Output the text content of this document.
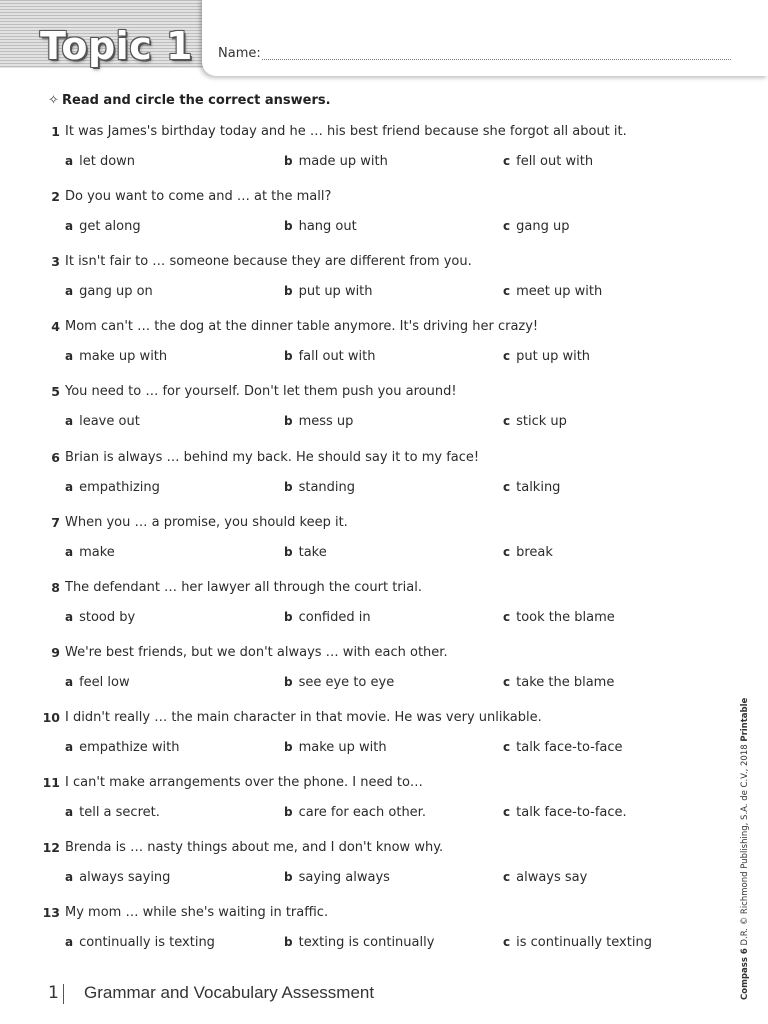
Topic 1 Name:
✧ Read and circle the correct answers.
1 It was James's birthday today and he … his best friend because she forgot all about it.
a let down	b made up with	c fell out with
2 Do you want to come and … at the mall?
a get along	b hang out	c gang up
3 It isn't fair to … someone because they are different from you.
a gang up on	b put up with	c meet up with
4 Mom can't … the dog at the dinner table anymore. It's driving her crazy!
a make up with	b fall out with	c put up with
5 You need to … for yourself. Don't let them push you around!
a leave out	b mess up	c stick up
6 Brian is always … behind my back. He should say it to my face!
a empathizing	b standing	c talking
7 When you … a promise, you should keep it.
a make	b take	c break
8 The defendant … her lawyer all through the court trial.
a stood by	b confided in	c took the blame
9 We're best friends, but we don't always … with each other.
a feel low	b see eye to eye	c take the blame
10 I didn't really … the main character in that movie. He was very unlikable.
a empathize with	b make up with	c talk face-to-face
11 I can't make arrangements over the phone. I need to…
a tell a secret.	b care for each other.	c talk face-to-face.
12 Brenda is … nasty things about me, and I don't know why.
a always saying	b saying always	c always say
13 My mom … while she's waiting in traffic.
a continually is texting	b texting is continually	c is continually texting
1 Grammar and Vocabulary Assessment	Compass 6 D.R. © Richmond Publishing, S.A. de C.V., 2018 Printable
